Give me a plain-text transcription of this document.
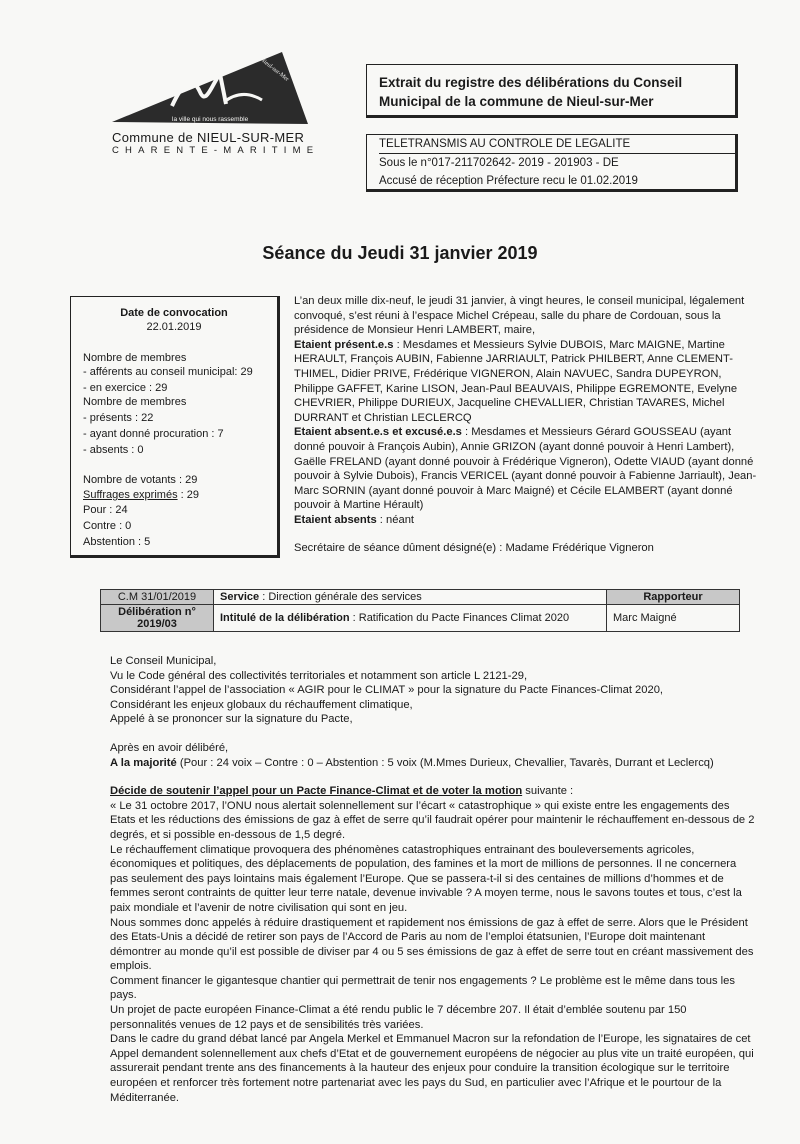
Nieul-sur-Mer
la ville qui nous rassemble
Commune de NIEUL-SUR-MER
CHARENTE-MARITIME
Extrait du registre des délibérations du Conseil
Municipal de la commune de Nieul-sur-Mer
TELETRANSMIS AU CONTROLE DE LEGALITE
Sous le n°017-211702642- 2019 - 201903 - DE
Accusé de réception Préfecture recu le 01.02.2019
Séance du Jeudi 31 janvier 2019
Date de convocation
22.01.2019
Nombre de membres
- afférents au conseil municipal: 29
- en exercice : 29
Nombre de membres
- présents : 22
- ayant donné procuration : 7
- absents : 0
Nombre de votants : 29
Suffrages exprimés : 29
Pour : 24
Contre : 0
Abstention : 5

L’an deux mille dix-neuf, le jeudi 31 janvier, à vingt heures, le conseil municipal, légalement convoqué, s’est réuni à l’espace Michel Crépeau, salle du phare de Cordouan, sous la présidence de Monsieur Henri LAMBERT, maire,

Etaient présent.e.s : Mesdames et Messieurs Sylvie DUBOIS, Marc MAIGNE, Martine HERAULT, François AUBIN, Fabienne JARRIAULT, Patrick PHILBERT, Anne CLEMENT-THIMEL, Didier PRIVE, Frédérique VIGNERON, Alain NAVUEC, Sandra DUPEYRON, Philippe GAFFET, Karine LISON, Jean-Paul BEAUVAIS, Philippe EGREMONTE, Evelyne CHEVRIER, Philippe DURIEUX, Jacqueline CHEVALLIER, Christian TAVARES, Michel DURRANT et Christian LECLERCQ

Etaient absent.e.s et excusé.e.s : Mesdames et Messieurs Gérard GOUSSEAU (ayant donné pouvoir à François Aubin), Annie GRIZON (ayant donné pouvoir à Henri Lambert), Gaëlle FRELAND (ayant donné pouvoir à Frédérique Vigneron), Odette VIAUD (ayant donné pouvoir à Sylvie Dubois), Francis VERICEL (ayant donné pouvoir à Fabienne Jarriault), Jean-Marc SORNIN (ayant donné pouvoir à Marc Maigné) et Cécile ELAMBERT (ayant donné pouvoir à Martine Hérault)

Etaient absents : néant

Secrétaire de séance dûment désigné(e) : Madame Frédérique Vigneron
C.M 31/01/2019	Service : Direction générale des services	Rapporteur
Délibération n° 2019/03	Intitulé de la délibération : Ratification du Pacte Finances Climat 2020	Marc Maigné

Le Conseil Municipal,

Vu le Code général des collectivités territoriales et notamment son article L 2121-29,

Considérant l’appel de l’association « AGIR pour le CLIMAT » pour la signature du Pacte Finances-Climat 2020,

Considérant les enjeux globaux du réchauffement climatique,

Appelé à se prononcer sur la signature du Pacte,

Après en avoir délibéré,

A la majorité (Pour : 24 voix – Contre : 0 – Abstention : 5 voix (M.Mmes Durieux, Chevallier, Tavarès, Durrant et Leclercq)

Décide de soutenir l’appel pour un Pacte Finance-Climat et de voter la motion suivante :

« Le 31 octobre 2017, l’ONU nous alertait solennellement sur l’écart « catastrophique » qui existe entre les engagements des Etats et les réductions des émissions de gaz à effet de serre qu’il faudrait opérer pour maintenir le réchauffement en-dessous de 2 degrés, et si possible en-dessous de 1,5 degré.

Le réchauffement climatique provoquera des phénomènes catastrophiques entrainant des bouleversements agricoles, économiques et politiques, des déplacements de population, des famines et la mort de millions de personnes. Il ne concernera pas seulement des pays lointains mais également l’Europe. Que se passera-t-il si des centaines de millions d’hommes et de femmes seront contraints de quitter leur terre natale, devenue invivable ? A moyen terme, nous le savons toutes et tous, c’est la paix mondiale et l’avenir de notre civilisation qui sont en jeu.

Nous sommes donc appelés à réduire drastiquement et rapidement nos émissions de gaz à effet de serre. Alors que le Président des Etats-Unis a décidé de retirer son pays de l’Accord de Paris au nom de l’emploi étatsunien, l’Europe doit maintenant démontrer au monde qu’il est possible de diviser par 4 ou 5 ses émissions de gaz à effet de serre tout en créant massivement des emplois.

Comment financer le gigantesque chantier qui permettrait de tenir nos engagements ? Le problème est le même dans tous les pays.

Un projet de pacte européen Finance-Climat a été rendu public le 7 décembre 207. Il était d’emblée soutenu par 150 personnalités venues de 12 pays et de sensibilités très variées.

Dans le cadre du grand débat lancé par Angela Merkel et Emmanuel Macron sur la refondation de l’Europe, les signataires de cet Appel demandent solennellement aux chefs d’Etat et de gouvernement européens de négocier au plus vite un traité européen, qui assurerait pendant trente ans des financements à la hauteur des enjeux pour conduire la transition écologique sur le territoire européen et renforcer très fortement notre partenariat avec les pays du Sud, en particulier avec l’Afrique et le pourtour de la Méditerranée.
